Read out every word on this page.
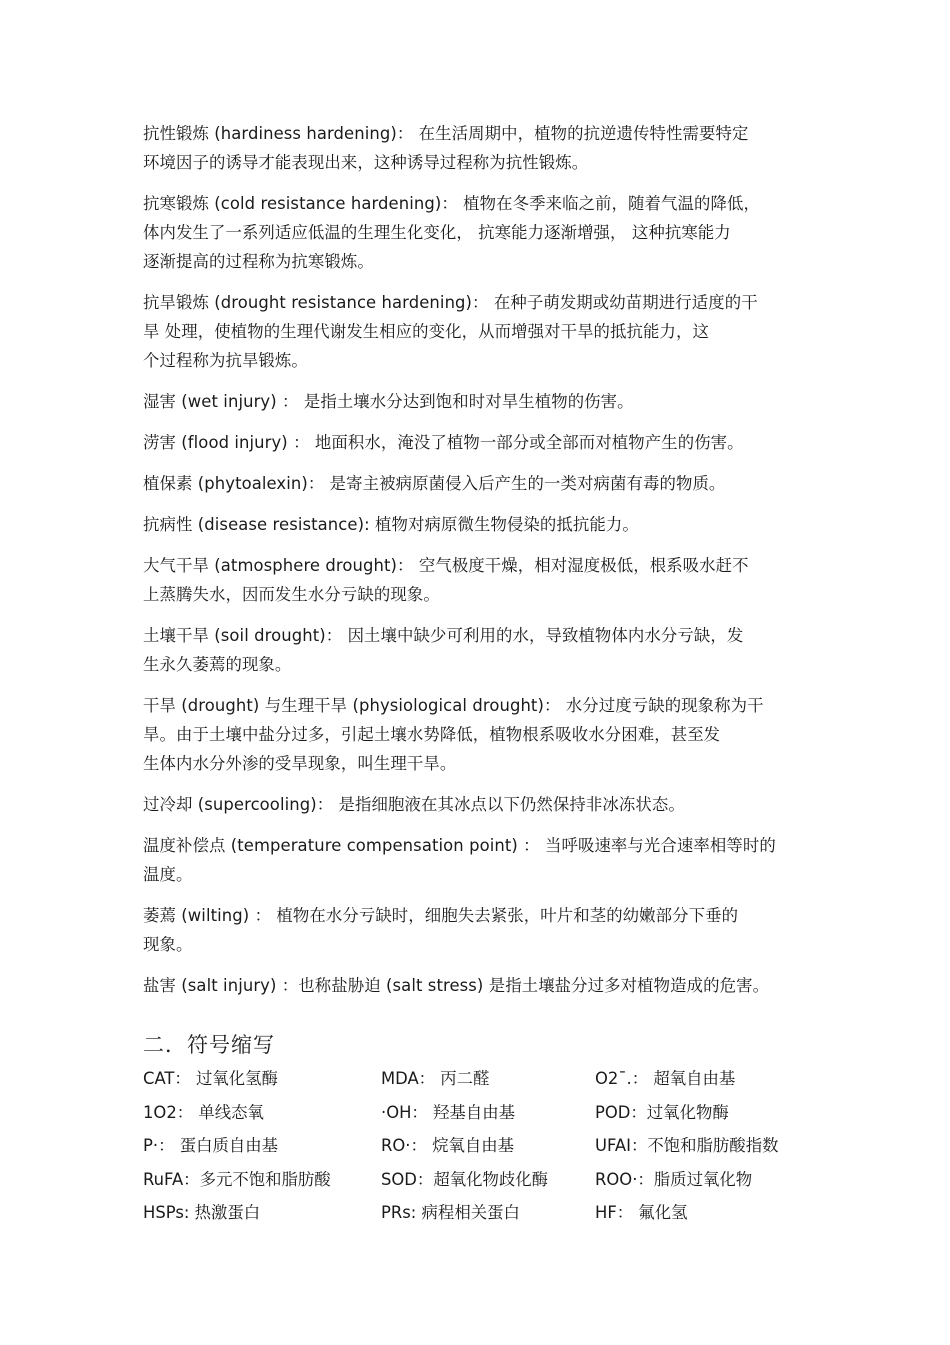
抗性锻炼 (hardiness hardening)： 在生活周期中，植物的抗逆遗传特性需要特定
环境因子的诱导才能表现出来，这种诱导过程称为抗性锻炼。

抗寒锻炼 (cold resistance hardening)： 植物在冬季来临之前，随着气温的降低，
体内发生了一系列适应低温的生理生化变化， 抗寒能力逐渐增强， 这种抗寒能力
逐渐提高的过程称为抗寒锻炼。

抗旱锻炼 (drought resistance hardening)： 在种子萌发期或幼苗期进行适度的干
旱 处理，使植物的生理代谢发生相应的变化，从而增强对干旱的抵抗能力，这
个过程称为抗旱锻炼。

湿害 (wet injury) ： 是指土壤水分达到饱和时对旱生植物的伤害。

涝害 (flood injury) ： 地面积水，淹没了植物一部分或全部而对植物产生的伤害。

植保素 (phytoalexin)： 是寄主被病原菌侵入后产生的一类对病菌有毒的物质。

抗病性 (disease resistance): 植物对病原微生物侵染的抵抗能力。

大气干旱 (atmosphere drought)： 空气极度干燥，相对湿度极低，根系吸水赶不
上蒸腾失水，因而发生水分亏缺的现象。

土壤干旱 (soil drought)： 因土壤中缺少可利用的水，导致植物体内水分亏缺，发
生永久萎蔫的现象。

干旱 (drought) 与生理干旱 (physiological drought)： 水分过度亏缺的现象称为干
旱。由于土壤中盐分过多，引起土壤水势降低，植物根系吸收水分困难，甚至发
生体内水分外渗的受旱现象，叫生理干旱。

过冷却 (supercooling)： 是指细胞液在其冰点以下仍然保持非冰冻状态。

温度补偿点 (temperature compensation point) ： 当呼吸速率与光合速率相等时的
温度。

萎蔫 (wilting) ： 植物在水分亏缺时，细胞失去紧张，叶片和茎的幼嫩部分下垂的
现象。

盐害 (salt injury) ：也称盐胁迫 (salt stress) 是指土壤盐分过多对植物造成的危害。

二．符号缩写
CAT： 过氧化氢酶	MDA： 丙二醛	O2ˉ.： 超氧自由基
1O2： 单线态氧	·OH： 羟基自由基	POD：过氧化物酶
P·： 蛋白质自由基	RO·： 烷氧自由基	UFAI：不饱和脂肪酸指数
RuFA：多元不饱和脂肪酸	SOD：超氧化物歧化酶	ROO·：脂质过氧化物
HSPs: 热激蛋白	PRs: 病程相关蛋白	HF： 氟化氢
